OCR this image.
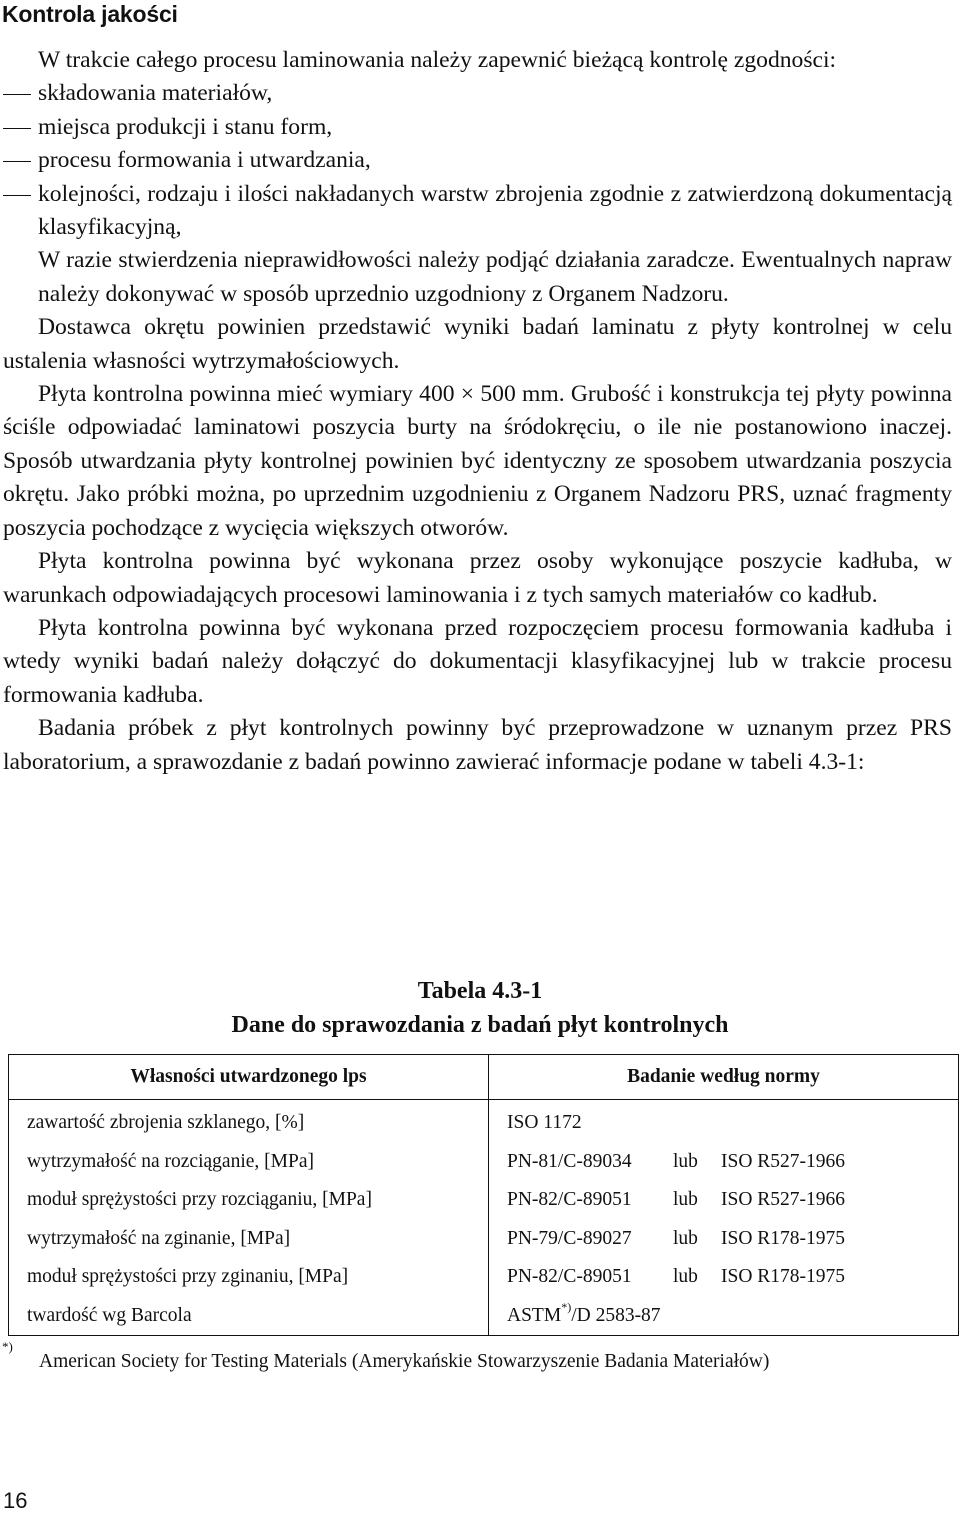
Kontrola jakości

W trakcie całego procesu laminowania należy zapewnić bieżącą kontrolę zgodności:

składowania materiałów,
miejsca produkcji i stanu form,
procesu formowania i utwardzania,
kolejności, rodzaju i ilości nakładanych warstw zbrojenia zgodnie z zatwierdzoną dokumentacją klasyfikacyjną,

W razie stwierdzenia nieprawidłowości należy podjąć działania zaradcze. Ewentualnych napraw należy dokonywać w sposób uprzednio uzgodniony z Organem Nadzoru.

Dostawca okrętu powinien przedstawić wyniki badań laminatu z płyty kontrolnej w celu ustalenia własności wytrzymałościowych.

Płyta kontrolna powinna mieć wymiary 400 × 500 mm. Grubość i konstrukcja tej płyty powinna ściśle odpowiadać laminatowi poszycia burty na śródokręciu, o ile nie postanowiono inaczej. Sposób utwardzania płyty kontrolnej powinien być identyczny ze sposobem utwardzania poszycia okrętu. Jako próbki można, po uprzednim uzgodnieniu z Organem Nadzoru PRS, uznać fragmenty poszycia pochodzące z wycięcia większych otworów.

Płyta kontrolna powinna być wykonana przez osoby wykonujące poszycie kadłuba, w warunkach odpowiadających procesowi laminowania i z tych samych materiałów co kadłub.

Płyta kontrolna powinna być wykonana przed rozpoczęciem procesu formowania kadłuba i wtedy wyniki badań należy dołączyć do dokumentacji klasyfikacyjnej lub w trakcie procesu formowania kadłuba.

Badania próbek z płyt kontrolnych powinny być przeprowadzone w uznanym przez PRS laboratorium, a sprawozdanie z badań powinno zawierać informacje podane w tabeli 4.3-1:

Tabela 4.3-1
Dane do sprawozdania z badań płyt kontrolnych
Własności utwardzonego lps	Badanie według normy
zawartość zbrojenia szklanego, [%]	ISO 1172
wytrzymałość na rozciąganie, [MPa]	PN-81/C-89034 lub ISO R527-1966
moduł sprężystości przy rozciąganiu, [MPa]	PN-82/C-89051 lub ISO R527-1966
wytrzymałość na zginanie, [MPa]	PN-79/C-89027 lub ISO R178-1975
moduł sprężystości przy zginaniu, [MPa]	PN-82/C-89051 lub ISO R178-1975
twardość wg Barcola	ASTM*)/D 2583-87
*)
American Society for Testing Materials (Amerykańskie Stowarzyszenie Badania Materiałów)
16
